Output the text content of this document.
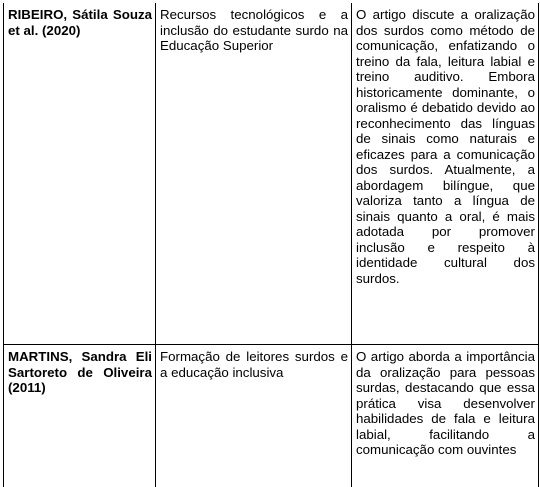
RIBEIRO, Sátila Souza et al. (2020)	Recursos tecnológicos e a inclusão do estudante surdo na Educação Superior	O artigo discute a oralização dos surdos como método de comunicação, enfatizando o treino da fala, leitura labial e treino auditivo. Embora historicamente dominante, o oralismo é debatido devido ao reconhecimento das línguas de sinais como naturais e eficazes para a comunicação dos surdos. Atualmente, a abordagem bilíngue, que valoriza tanto a língua de sinais quanto a oral, é mais adotada por promover inclusão e respeito à identidade cultural dos surdos.
MARTINS, Sandra Eli Sartoreto de Oliveira (2011)	Formação de leitores surdos e a educação inclusiva	O artigo aborda a importância da oralização para pessoas surdas, destacando que essa prática visa desenvolver habilidades de fala e leitura labial, facilitando a comunicação com ouvintes
